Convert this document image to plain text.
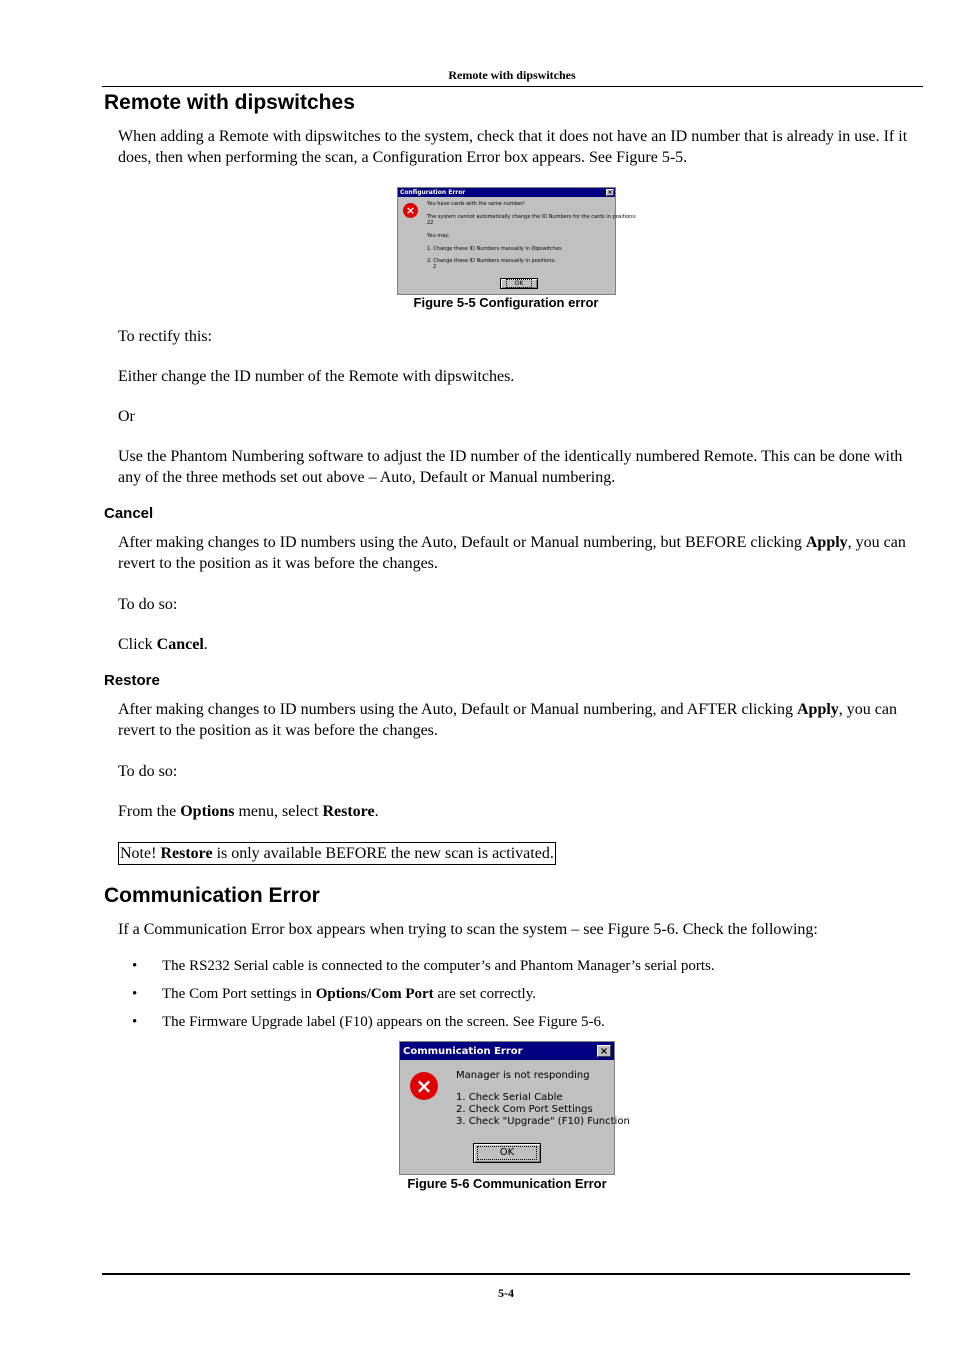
Remote with dipswitches
Remote with dipswitches

When adding a Remote with dipswitches to the system, check that it does not have an ID number that is already in use. If it does, then when performing the scan, a Configuration Error box appears. See Figure 5-5.

Configuration Error	×
×	You have cards with the same number!
The system cannot automatically change the ID Numbers for the cards in positions:
22
You may:
1. Change these ID Numbers manually in Dipswitches
2. Change these ID Numbers manually in positions:
2
OK
Figure 5-5 Configuration error

To rectify this:

Either change the ID number of the Remote with dipswitches.

Or

Use the Phantom Numbering software to adjust the ID number of the identically numbered Remote. This can be done with any of the three methods set out above – Auto, Default or Manual numbering.

Cancel

After making changes to ID numbers using the Auto, Default or Manual numbering, but BEFORE clicking Apply, you can revert to the position as it was before the changes.

To do so:

Click Cancel.

Restore

After making changes to ID numbers using the Auto, Default or Manual numbering, and AFTER clicking Apply, you can revert to the position as it was before the changes.

To do so:

From the Options menu, select Restore.

Note! Restore is only available BEFORE the new scan is activated.

Communication Error

If a Communication Error box appears when trying to scan the system – see Figure 5-6. Check the following:

• The RS232 Serial cable is connected to the computer’s and Phantom Manager’s serial ports.
• The Com Port settings in Options/Com Port are set correctly.
• The Firmware Upgrade label (F10) appears on the screen. See Figure 5-6.
Communication Error	×
×	Manager is not responding
1. Check Serial Cable
2. Check Com Port Settings
3. Check "Upgrade" (F10) Function
OK
Figure 5-6 Communication Error
5-4
